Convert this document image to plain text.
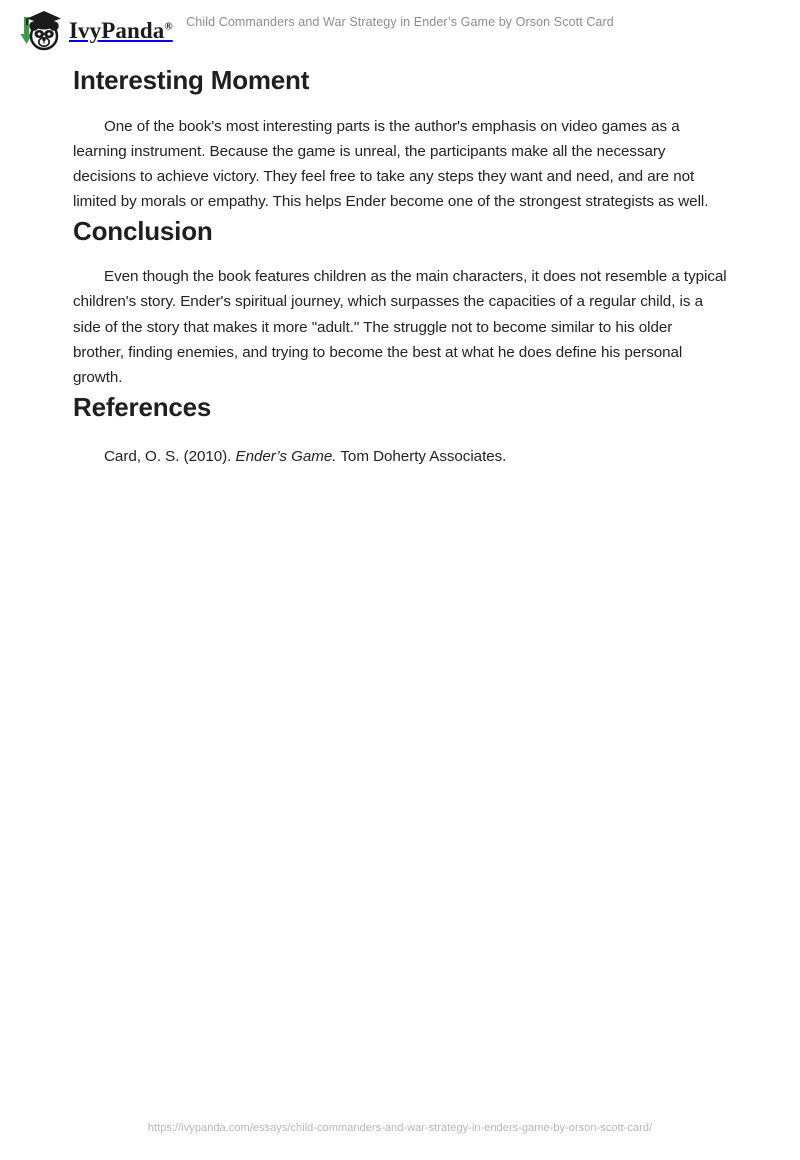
IvyPanda®	Child Commanders and War Strategy in Ender’s Game by Orson Scott Card
Interesting Moment

One of the book's most interesting parts is the author's emphasis on video games as a learning instrument. Because the game is unreal, the participants make all the necessary decisions to achieve victory. They feel free to take any steps they want and need, and are not limited by morals or empathy. This helps Ender become one of the strongest strategists as well.

Conclusion

Even though the book features children as the main characters, it does not resemble a typical children's story. Ender's spiritual journey, which surpasses the capacities of a regular child, is a side of the story that makes it more "adult." The struggle not to become similar to his older brother, finding enemies, and trying to become the best at what he does define his personal growth.

References

Card, O. S. (2010). Ender’s Game. Tom Doherty Associates.

https://ivypanda.com/essays/child-commanders-and-war-strategy-in-enders-game-by-orson-scott-card/
